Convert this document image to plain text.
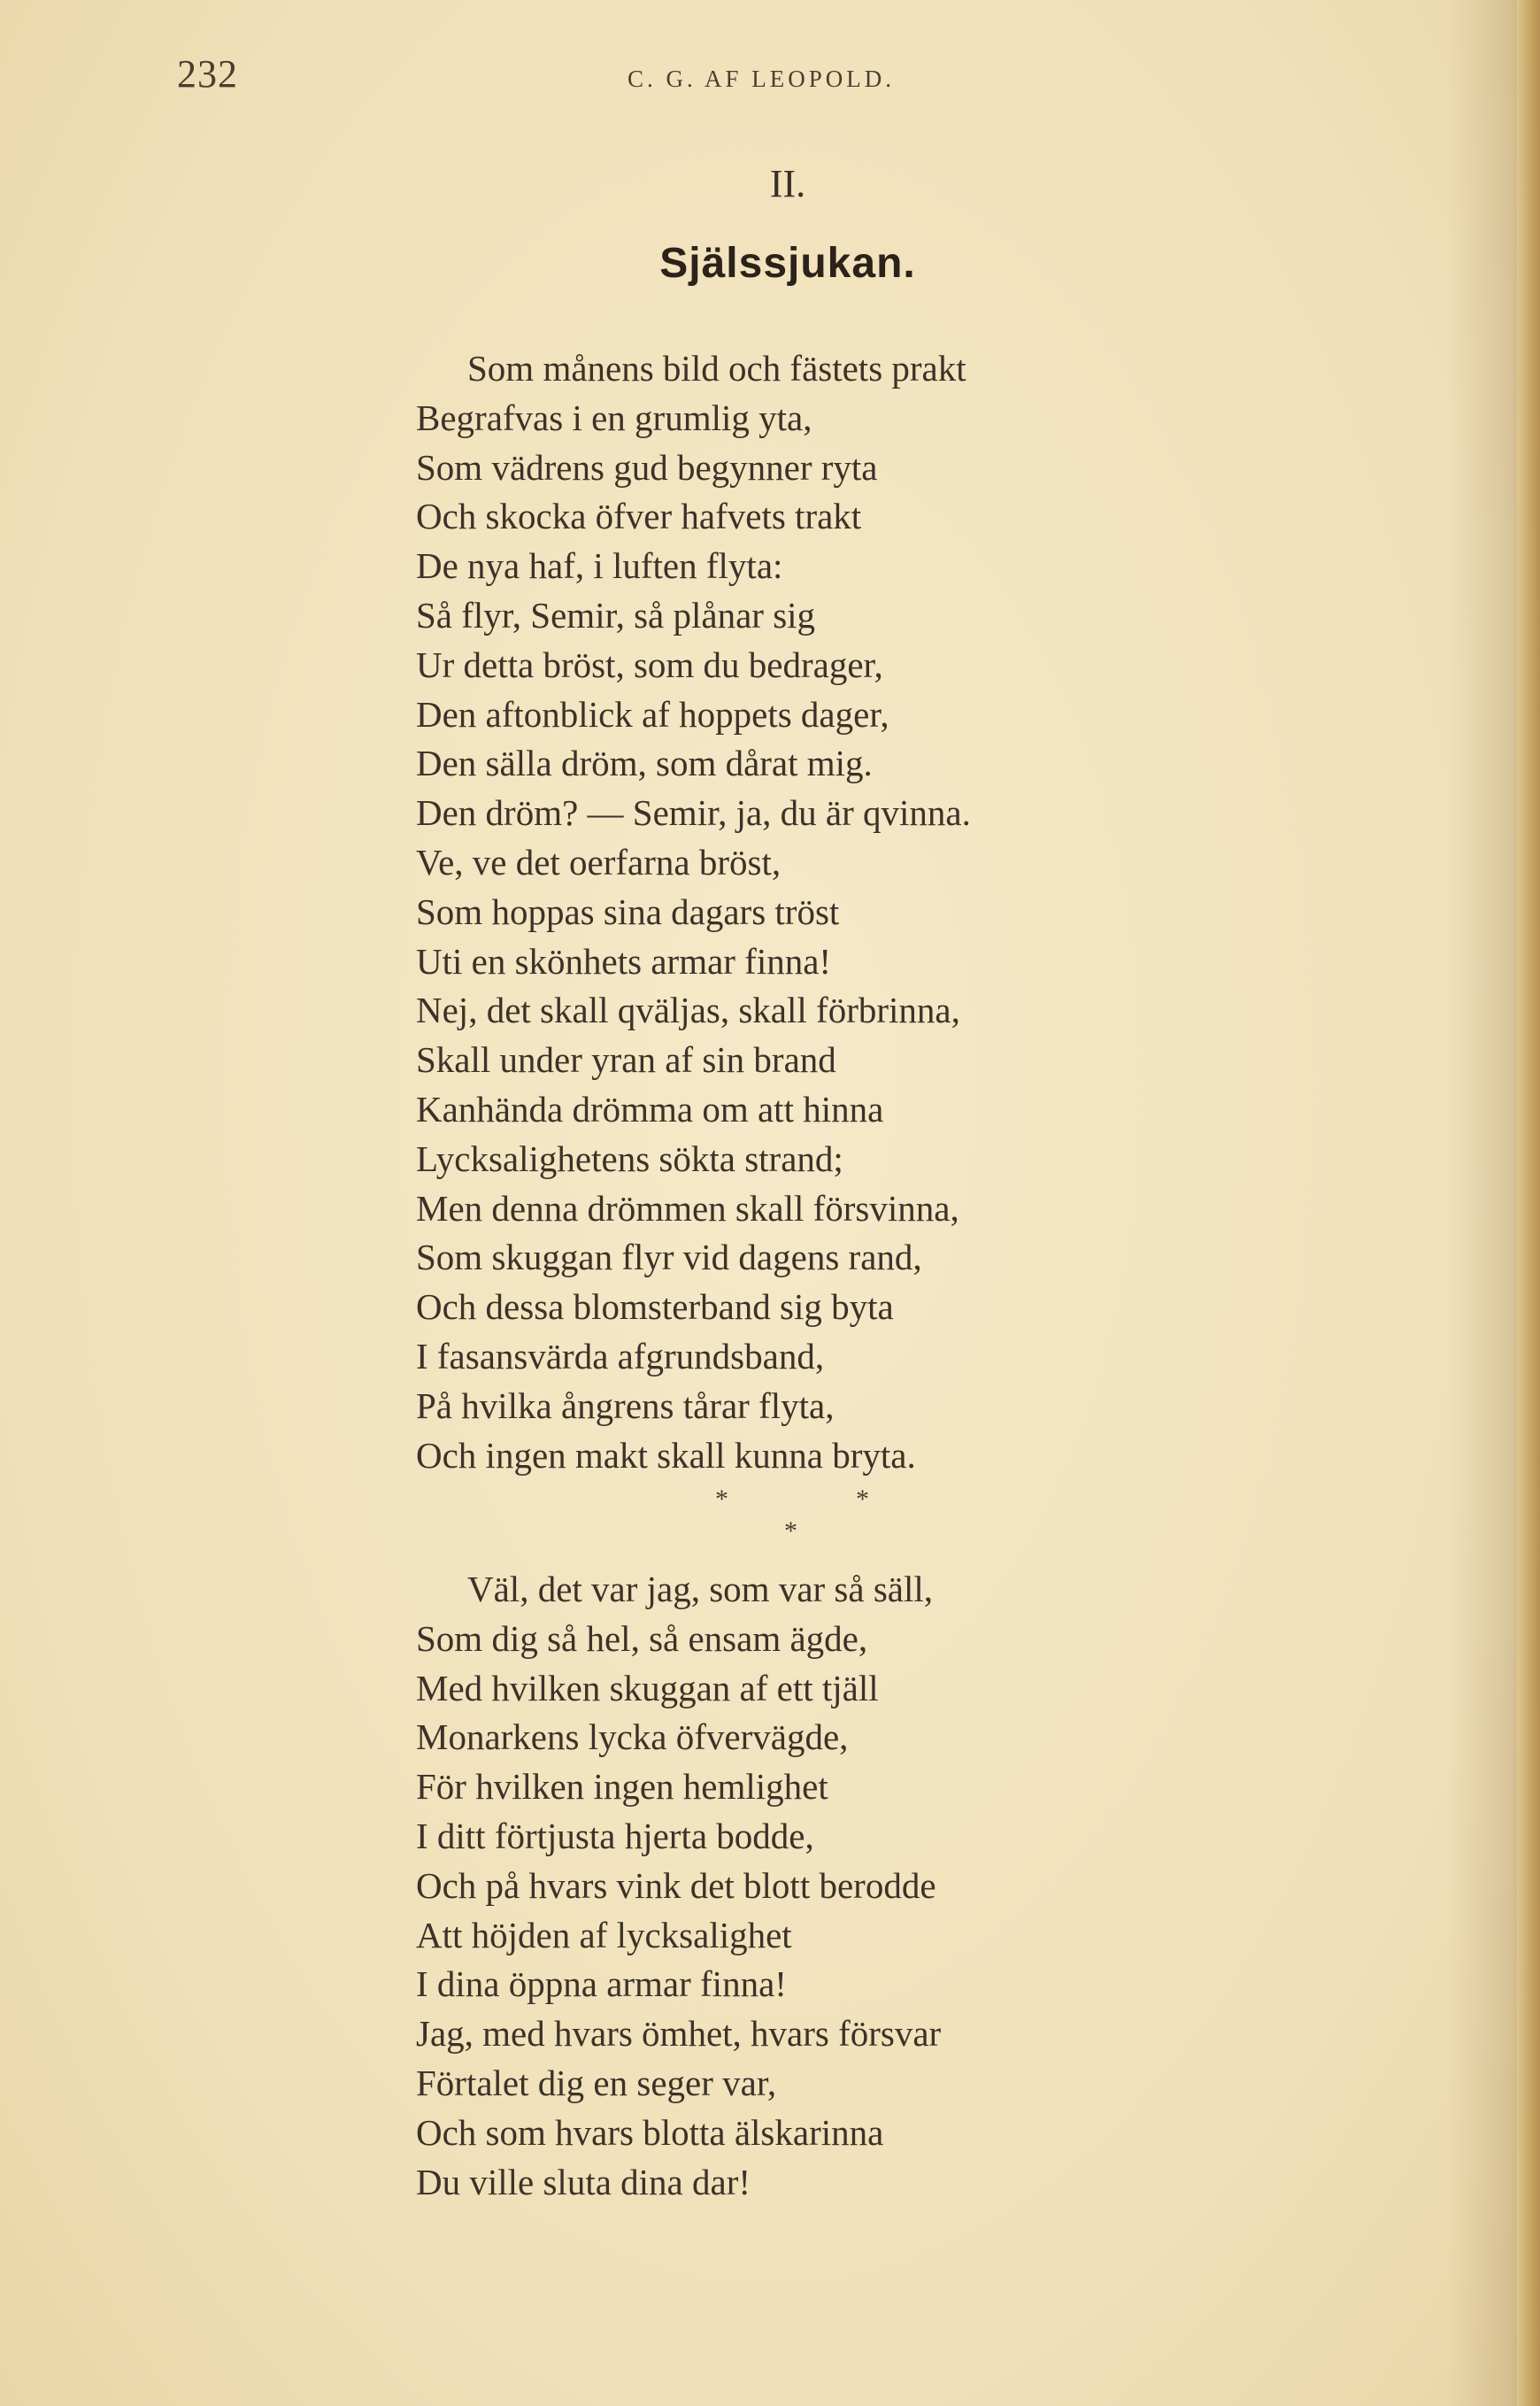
232	C. G. AF LEOPOLD.
II.
Själssjukan.
Som månens bild och fästets prakt
Begrafvas i en grumlig yta,
Som vädrens gud begynner ryta
Och skocka öfver hafvets trakt
De nya haf, i luften flyta:
Så flyr, Semir, så plånar sig
Ur detta bröst, som du bedrager,
Den aftonblick af hoppets dager,
Den sälla dröm, som dårat mig.
Den dröm? — Semir, ja, du är qvinna.
Ve, ve det oerfarna bröst,
Som hoppas sina dagars tröst
Uti en skönhets armar finna!
Nej, det skall qväljas, skall förbrinna,
Skall under yran af sin brand
Kanhända drömma om att hinna
Lycksalighetens sökta strand;
Men denna drömmen skall försvinna,
Som skuggan flyr vid dagens rand,
Och dessa blomsterband sig byta
I fasansvärda afgrundsband,
På hvilka ångrens tårar flyta,
Och ingen makt skall kunna bryta.
*	*
*
Väl, det var jag, som var så säll,
Som dig så hel, så ensam ägde,
Med hvilken skuggan af ett tjäll
Monarkens lycka öfvervägde,
För hvilken ingen hemlighet
I ditt förtjusta hjerta bodde,
Och på hvars vink det blott berodde
Att höjden af lycksalighet
I dina öppna armar finna!
Jag, med hvars ömhet, hvars försvar
Förtalet dig en seger var,
Och som hvars blotta älskarinna
Du ville sluta dina dar!
